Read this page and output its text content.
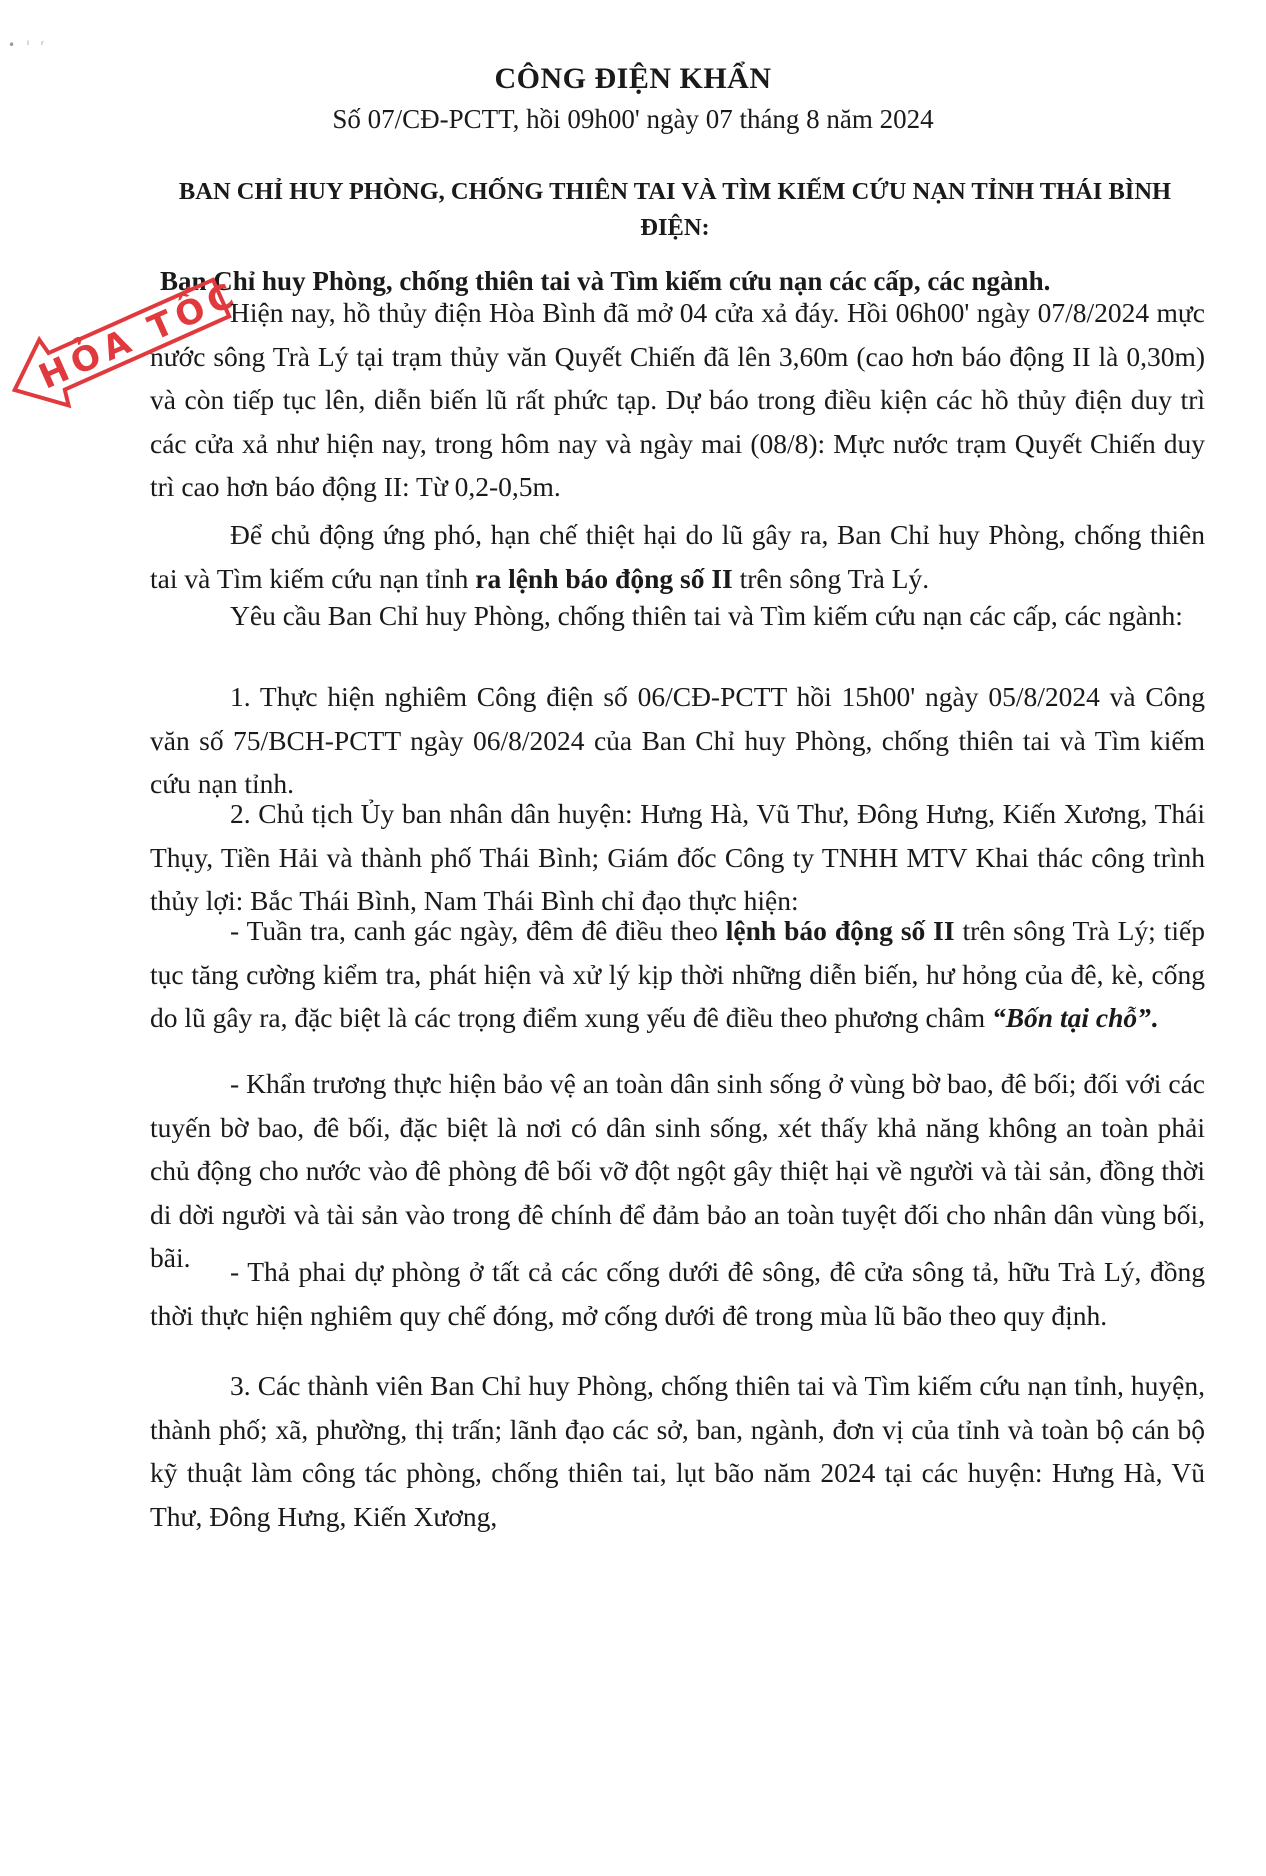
• ᴵ ʳ
CÔNG ĐIỆN KHẨN
Số 07/CĐ-PCTT, hồi 09h00' ngày 07 tháng 8 năm 2024
BAN CHỈ HUY PHÒNG, CHỐNG THIÊN TAI VÀ TÌM KIẾM CỨU NẠN TỈNH THÁI BÌNH
ĐIỆN:
Ban Chỉ huy Phòng, chống thiên tai và Tìm kiếm cứu nạn các cấp, các ngành.
HỎA TỐC

Hiện nay, hồ thủy điện Hòa Bình đã mở 04 cửa xả đáy. Hồi 06h00' ngày 07/8/2024 mực nước sông Trà Lý tại trạm thủy văn Quyết Chiến đã lên 3,60m (cao hơn báo động II là 0,30m) và còn tiếp tục lên, diễn biến lũ rất phức tạp. Dự báo trong điều kiện các hồ thủy điện duy trì các cửa xả như hiện nay, trong hôm nay và ngày mai (08/8): Mực nước trạm Quyết Chiến duy trì cao hơn báo động II: Từ 0,2-0,5m.

Để chủ động ứng phó, hạn chế thiệt hại do lũ gây ra, Ban Chỉ huy Phòng, chống thiên tai và Tìm kiếm cứu nạn tỉnh ra lệnh báo động số II trên sông Trà Lý.

Yêu cầu Ban Chỉ huy Phòng, chống thiên tai và Tìm kiếm cứu nạn các cấp, các ngành:

1. Thực hiện nghiêm Công điện số 06/CĐ-PCTT hồi 15h00' ngày 05/8/2024 và Công văn số 75/BCH-PCTT ngày 06/8/2024 của Ban Chỉ huy Phòng, chống thiên tai và Tìm kiếm cứu nạn tỉnh.

2. Chủ tịch Ủy ban nhân dân huyện: Hưng Hà, Vũ Thư, Đông Hưng, Kiến Xương, Thái Thụy, Tiền Hải và thành phố Thái Bình; Giám đốc Công ty TNHH MTV Khai thác công trình thủy lợi: Bắc Thái Bình, Nam Thái Bình chỉ đạo thực hiện:

- Tuần tra, canh gác ngày, đêm đê điều theo lệnh báo động số II trên sông Trà Lý; tiếp tục tăng cường kiểm tra, phát hiện và xử lý kịp thời những diễn biến, hư hỏng của đê, kè, cống do lũ gây ra, đặc biệt là các trọng điểm xung yếu đê điều theo phương châm “Bốn tại chỗ”.

- Khẩn trương thực hiện bảo vệ an toàn dân sinh sống ở vùng bờ bao, đê bối; đối với các tuyến bờ bao, đê bối, đặc biệt là nơi có dân sinh sống, xét thấy khả năng không an toàn phải chủ động cho nước vào đê phòng đê bối vỡ đột ngột gây thiệt hại về người và tài sản, đồng thời di dời người và tài sản vào trong đê chính để đảm bảo an toàn tuyệt đối cho nhân dân vùng bối, bãi.	- Thả phai dự phòng ở tất cả các cống dưới đê sông, đê cửa sông tả, hữu Trà Lý, đồng thời thực hiện nghiêm quy chế đóng, mở cống dưới đê trong mùa lũ bão theo quy định.

3. Các thành viên Ban Chỉ huy Phòng, chống thiên tai và Tìm kiếm cứu nạn tỉnh, huyện, thành phố; xã, phường, thị trấn; lãnh đạo các sở, ban, ngành, đơn vị của tỉnh và toàn bộ cán bộ kỹ thuật làm công tác phòng, chống thiên tai, lụt bão năm 2024 tại các huyện: Hưng Hà, Vũ Thư, Đông Hưng, Kiến Xương,
